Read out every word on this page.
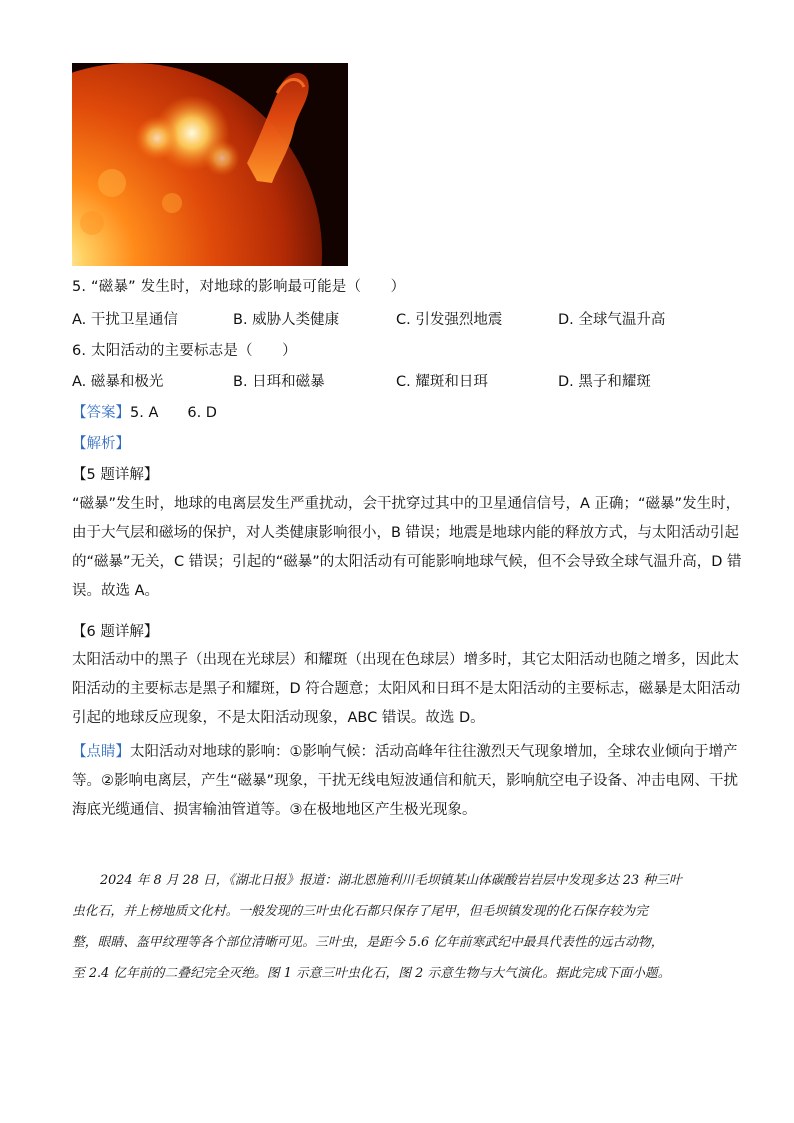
5. “磁暴” 发生时，对地球的影响最可能是（　　）
A. 干扰卫星通信	B. 威胁人类健康	C. 引发强烈地震	D. 全球气温升高
6. 太阳活动的主要标志是（　　）
A. 磁暴和极光	B. 日珥和磁暴	C. 耀斑和日珥	D. 黑子和耀斑
【答案】5. A　　6. D
【解析】
【5 题详解】
“磁暴”发生时，地球的电离层发生严重扰动，会干扰穿过其中的卫星通信信号，A 正确；“磁暴”发生时，
由于大气层和磁场的保护，对人类健康影响很小，B 错误；地震是地球内能的释放方式，与太阳活动引起
的“磁暴”无关，C 错误；引起的“磁暴”的太阳活动有可能影响地球气候，但不会导致全球气温升高，D 错
误。故选 A。
【6 题详解】
太阳活动中的黑子（出现在光球层）和耀斑（出现在色球层）增多时，其它太阳活动也随之增多，因此太
阳活动的主要标志是黑子和耀斑，D 符合题意；太阳风和日珥不是太阳活动的主要标志，磁暴是太阳活动
引起的地球反应现象，不是太阳活动现象，ABC 错误。故选 D。
【点睛】太阳活动对地球的影响：①影响气候：活动高峰年往往激烈天气现象增加，全球农业倾向于增产
等。②影响电离层，产生“磁暴”现象，干扰无线电短波通信和航天，影响航空电子设备、冲击电网、干扰
海底光缆通信、损害输油管道等。③在极地地区产生极光现象。
2024 年 8 月 28 日，《湖北日报》报道：湖北恩施利川毛坝镇某山体碳酸岩岩层中发现多达 23 种三叶
虫化石，并上榜地质文化村。一般发现的三叶虫化石都只保存了尾甲，但毛坝镇发现的化石保存较为完
整，眼睛、盔甲纹理等各个部位清晰可见。三叶虫，是距今 5.6 亿年前寒武纪中最具代表性的远古动物，
至 2.4 亿年前的二叠纪完全灭绝。图 1 示意三叶虫化石，图 2 示意生物与大气演化。据此完成下面小题。
